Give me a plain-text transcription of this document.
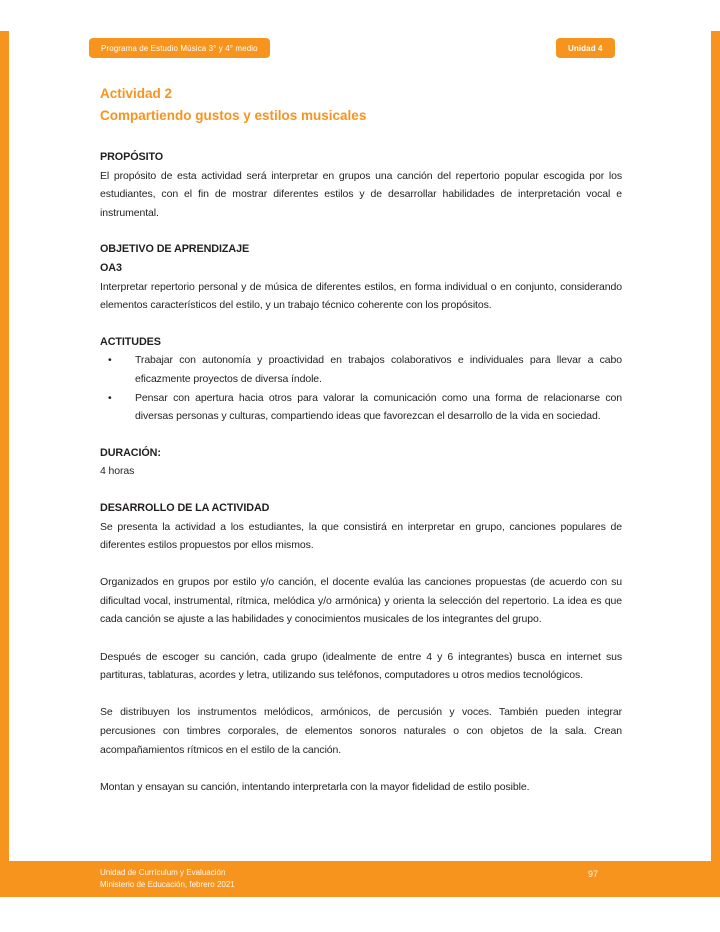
Programa de Estudio Música 3° y 4° medio	Unidad 4
Actividad 2
Compartiendo gustos y estilos musicales
PROPÓSITO

El propósito de esta actividad será interpretar en grupos una canción del repertorio popular escogida por los estudiantes, con el fin de mostrar diferentes estilos y de desarrollar habilidades de interpretación vocal e instrumental.

OBJETIVO DE APRENDIZAJE
OA3

Interpretar repertorio personal y de música de diferentes estilos, en forma individual o en conjunto, considerando elementos característicos del estilo, y un trabajo técnico coherente con los propósitos.

ACTITUDES
• Trabajar con autonomía y proactividad en trabajos colaborativos e individuales para llevar a cabo eficazmente proyectos de diversa índole.
• Pensar con apertura hacia otros para valorar la comunicación como una forma de relacionarse con diversas personas y culturas, compartiendo ideas que favorezcan el desarrollo de la vida en sociedad.
DURACIÓN:

4 horas

DESARROLLO DE LA ACTIVIDAD

Se presenta la actividad a los estudiantes, la que consistirá en interpretar en grupo, canciones populares de diferentes estilos propuestos por ellos mismos.

Organizados en grupos por estilo y/o canción, el docente evalúa las canciones propuestas (de acuerdo con su dificultad vocal, instrumental, rítmica, melódica y/o armónica) y orienta la selección del repertorio. La idea es que cada canción se ajuste a las habilidades y conocimientos musicales de los integrantes del grupo.

Después de escoger su canción, cada grupo (idealmente de entre 4 y 6 integrantes) busca en internet sus partituras, tablaturas, acordes y letra, utilizando sus teléfonos, computadores u otros medios tecnológicos.

Se distribuyen los instrumentos melódicos, armónicos, de percusión y voces. También pueden integrar percusiones con timbres corporales, de elementos sonoros naturales o con objetos de la sala. Crean acompañamientos rítmicos en el estilo de la canción.

Montan y ensayan su canción, intentando interpretarla con la mayor fidelidad de estilo posible.

Unidad de Currículum y Evaluación
Ministerio de Educación, febrero 2021
97
